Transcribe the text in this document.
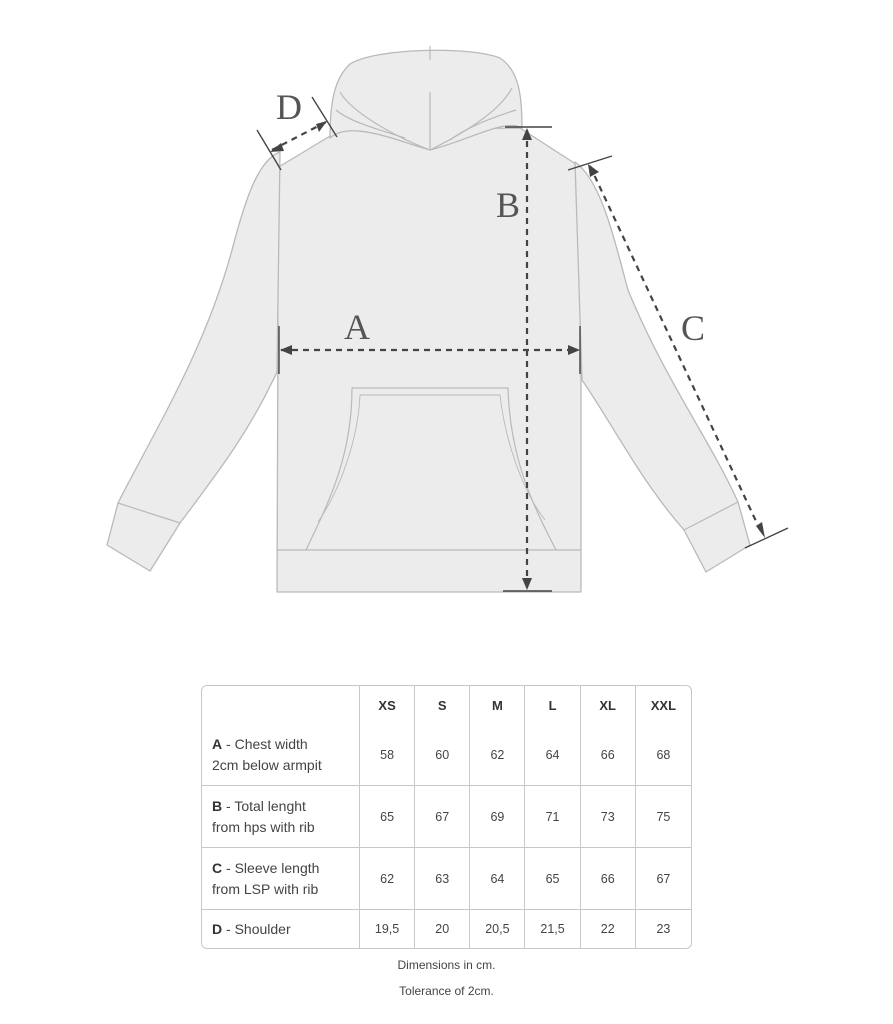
A
B
C
D
	XS	S	M	L	XL	XXL
A - Chest width
2cm below armpit	58	60	62	64	66	68
B - Total lenght
from hps with rib	65	67	69	71	73	75
C - Sleeve length
from LSP with rib	62	63	64	65	66	67
D - Shoulder	19,5	20	20,5	21,5	22	23
Dimensions in cm.
Tolerance of 2cm.
